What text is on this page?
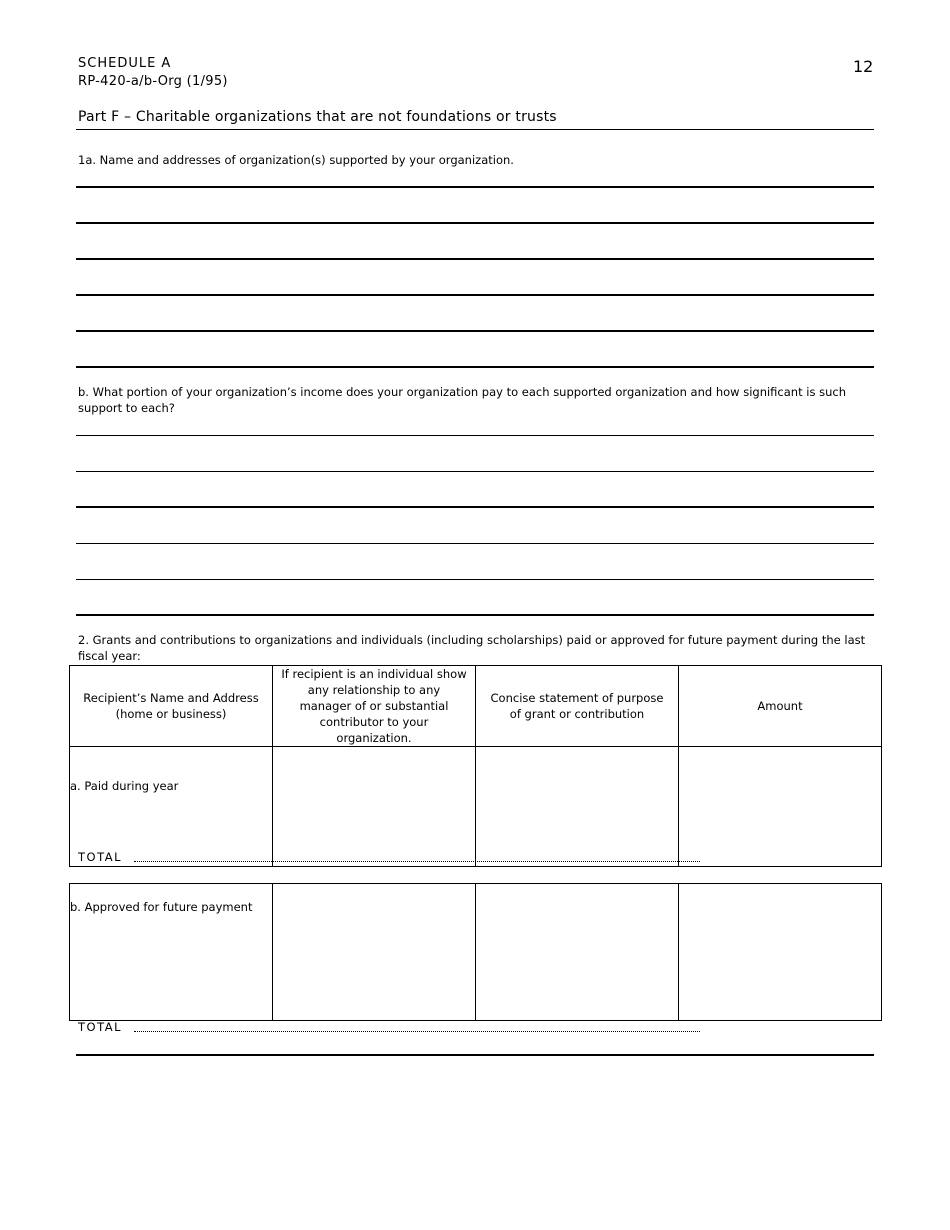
SCHEDULE A
RP-420-a/b-Org (1/95)
12
Part F – Charitable organizations that are not foundations or trusts
1a. Name and addresses of organization(s) supported by your organization.
b. What portion of your organization’s income does your organization pay to each supported organization and how significant is such support to each?
2. Grants and contributions to organizations and individuals (including scholarships) paid or approved for future payment during the last fiscal year:
Recipient’s Name and Address (home or business)	If recipient is an individual show any relationship to any manager of or substantial contributor to your organization.	Concise statement of purpose of grant or contribution	Amount

a. Paid during year			

TOTAL
b. Approved for future payment

TOTAL
